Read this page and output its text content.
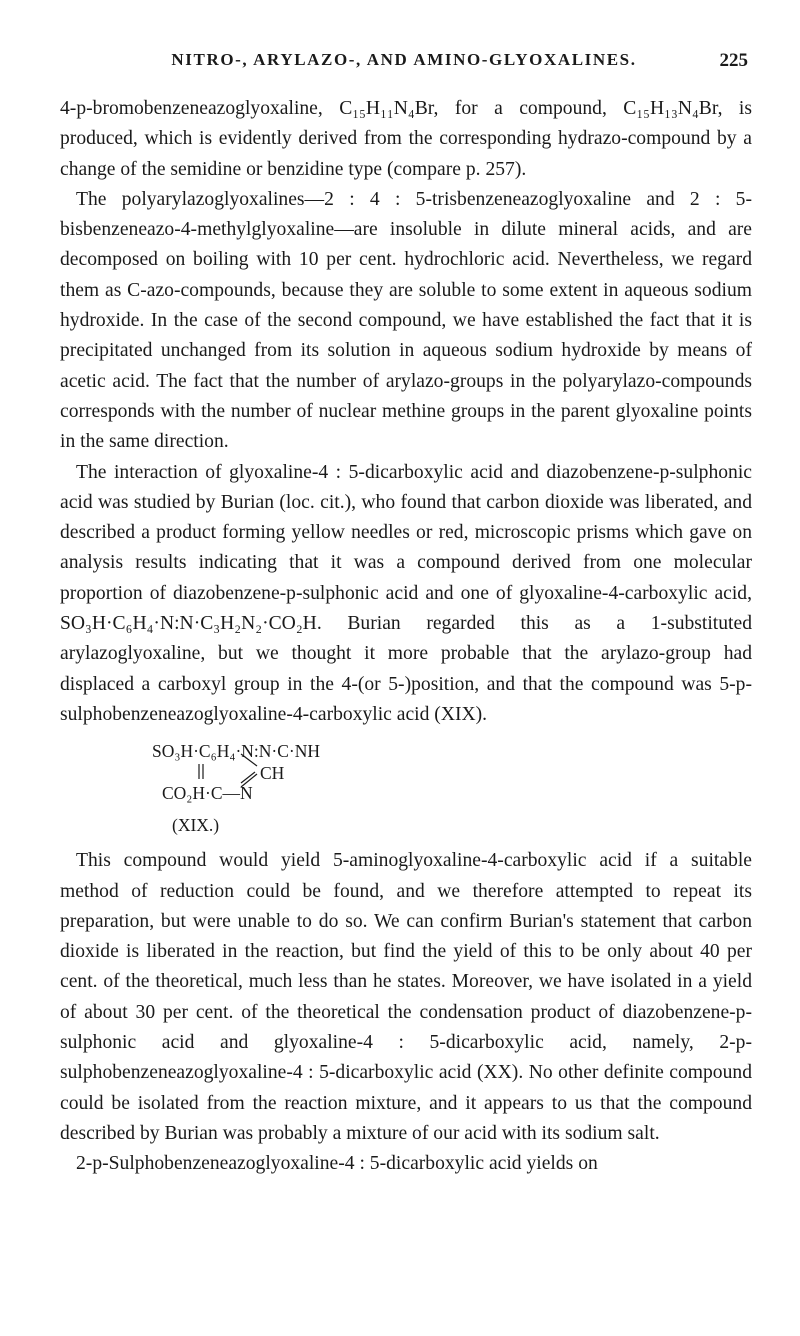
NITRO-, ARYLAZO-, AND AMINO-GLYOXALINES.	225

4-p-bromobenzeneazoglyoxaline, C₁₅H₁₁N₄Br, for a compound, C₁₅H₁₃N₄Br, is produced, which is evidently derived from the corresponding hydrazo-compound by a change of the semidine or benzidine type (compare p. 257).

The polyarylazoglyoxalines—2 : 4 : 5-trisbenzeneazoglyoxaline and 2 : 5-bisbenzeneazo-4-methylglyoxaline—are insoluble in dilute mineral acids, and are decomposed on boiling with 10 per cent. hydrochloric acid. Nevertheless, we regard them as C-azo-compounds, because they are soluble to some extent in aqueous sodium hydroxide. In the case of the second compound, we have established the fact that it is precipitated unchanged from its solution in aqueous sodium hydroxide by means of acetic acid. The fact that the number of arylazo-groups in the polyarylazo-compounds corresponds with the number of nuclear methine groups in the parent glyoxaline points in the same direction.

The interaction of glyoxaline-4 : 5-dicarboxylic acid and diazobenzene-p-sulphonic acid was studied by Burian (loc. cit.), who found that carbon dioxide was liberated, and described a product forming yellow needles or red, microscopic prisms which gave on analysis results indicating that it was a compound derived from one molecular proportion of diazobenzene-p-sulphonic acid and one of glyoxaline-4-carboxylic acid, SO₃H·C₆H₄·N:N·C₃H₂N₂·CO₂H. Burian regarded this as a 1-substituted arylazoglyoxaline, but we thought it more probable that the arylazo-group had displaced a carboxyl group in the 4-(or 5-)position, and that the compound was 5-p-sulphobenzeneazoglyoxaline-4-carboxylic acid (XIX).

SO₃H·C₆H₄·N:N·C·NH
CO₂H·C—N
CH
(XIX.)

This compound would yield 5-aminoglyoxaline-4-carboxylic acid if a suitable method of reduction could be found, and we therefore attempted to repeat its preparation, but were unable to do so. We can confirm Burian's statement that carbon dioxide is liberated in the reaction, but find the yield of this to be only about 40 per cent. of the theoretical, much less than he states. Moreover, we have isolated in a yield of about 30 per cent. of the theoretical the condensation product of diazobenzene-p-sulphonic acid and glyoxaline-4 : 5-dicarboxylic acid, namely, 2-p-sulphobenzeneazoglyoxaline-4 : 5-dicarboxylic acid (XX). No other definite compound could be isolated from the reaction mixture, and it appears to us that the compound described by Burian was probably a mixture of our acid with its sodium salt.

2-p-Sulphobenzeneazoglyoxaline-4 : 5-dicarboxylic acid yields on
